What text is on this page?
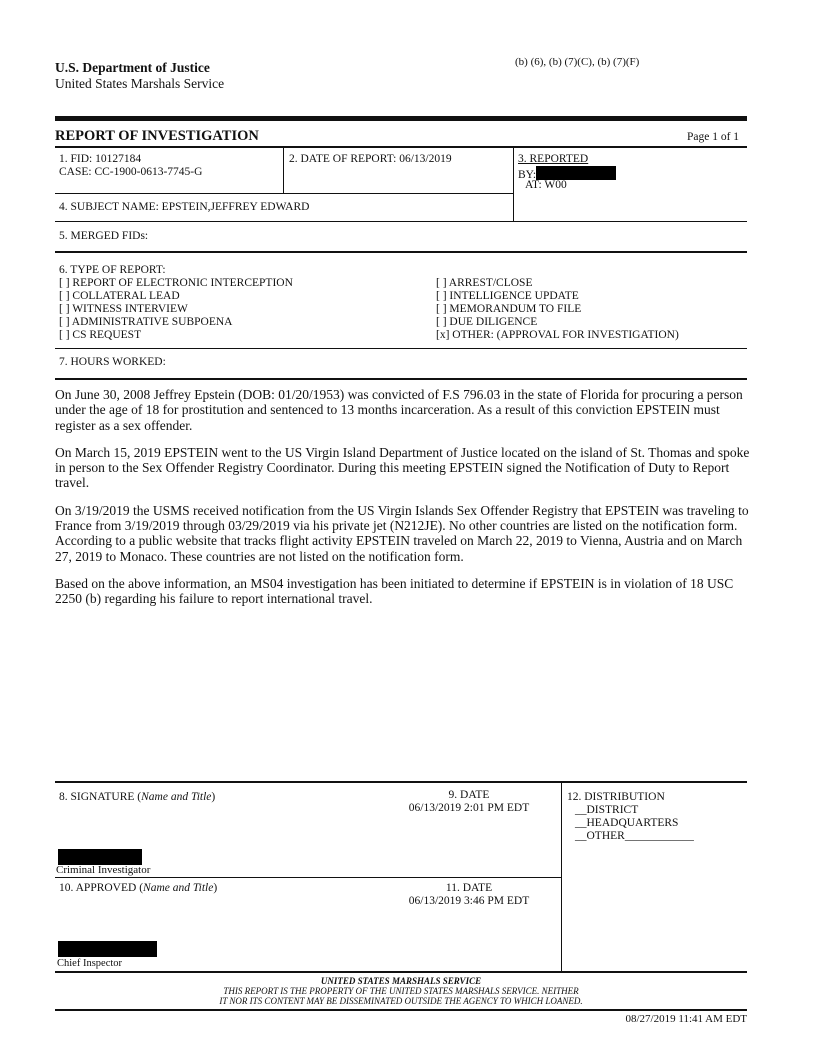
U.S. Department of Justice
United States Marshals Service
(b) (6), (b) (7)(C), (b) (7)(F)
REPORT OF INVESTIGATION	Page 1 of 1
1. FID: 10127184
CASE: CC-1900-0613-7745-G
2. DATE OF REPORT: 06/13/2019	3. REPORTED
BY:
AT: W00
4. SUBJECT NAME: EPSTEIN,JEFFREY EDWARD
5. MERGED FIDs:
6. TYPE OF REPORT:
[ ] REPORT OF ELECTRONIC INTERCEPTION
[ ] COLLATERAL LEAD
[ ] WITNESS INTERVIEW
[ ] ADMINISTRATIVE SUBPOENA
[ ] CS REQUEST
[ ] ARREST/CLOSE
[ ] INTELLIGENCE UPDATE
[ ] MEMORANDUM TO FILE
[ ] DUE DILIGENCE
[x] OTHER: (APPROVAL FOR INVESTIGATION)
7. HOURS WORKED:

On June 30, 2008 Jeffrey Epstein (DOB: 01/20/1953) was convicted of F.S 796.03 in the state of Florida for procuring a person under the age of 18 for prostitution and sentenced to 13 months incarceration. As a result of this conviction EPSTEIN must register as a sex offender.

On March 15, 2019 EPSTEIN went to the US Virgin Island Department of Justice located on the island of St. Thomas and spoke in person to the Sex Offender Registry Coordinator. During this meeting EPSTEIN signed the Notification of Duty to Report travel.

On 3/19/2019 the USMS received notification from the US Virgin Islands Sex Offender Registry that EPSTEIN was traveling to France from 3/19/2019 through 03/29/2019 via his private jet (N212JE). No other countries are listed on the notification form. According to a public website that tracks flight activity EPSTEIN traveled on March 22, 2019 to Vienna, Austria and on March 27, 2019 to Monaco. These countries are not listed on the notification form.

Based on the above information, an MS04 investigation has been initiated to determine if EPSTEIN is in violation of 18 USC 2250 (b) regarding his failure to report international travel.

8. SIGNATURE (Name and Title)	9. DATE
06/13/2019 2:01 PM EDT
Criminal Investigator
10. APPROVED (Name and Title)	11. DATE
06/13/2019 3:46 PM EDT
Chief Inspector
12. DISTRIBUTION
__DISTRICT
__HEADQUARTERS
__OTHER____________
UNITED STATES MARSHALS SERVICE
THIS REPORT IS THE PROPERTY OF THE UNITED STATES MARSHALS SERVICE. NEITHER
IT NOR ITS CONTENT MAY BE DISSEMINATED OUTSIDE THE AGENCY TO WHICH LOANED.
08/27/2019 11:41 AM EDT
